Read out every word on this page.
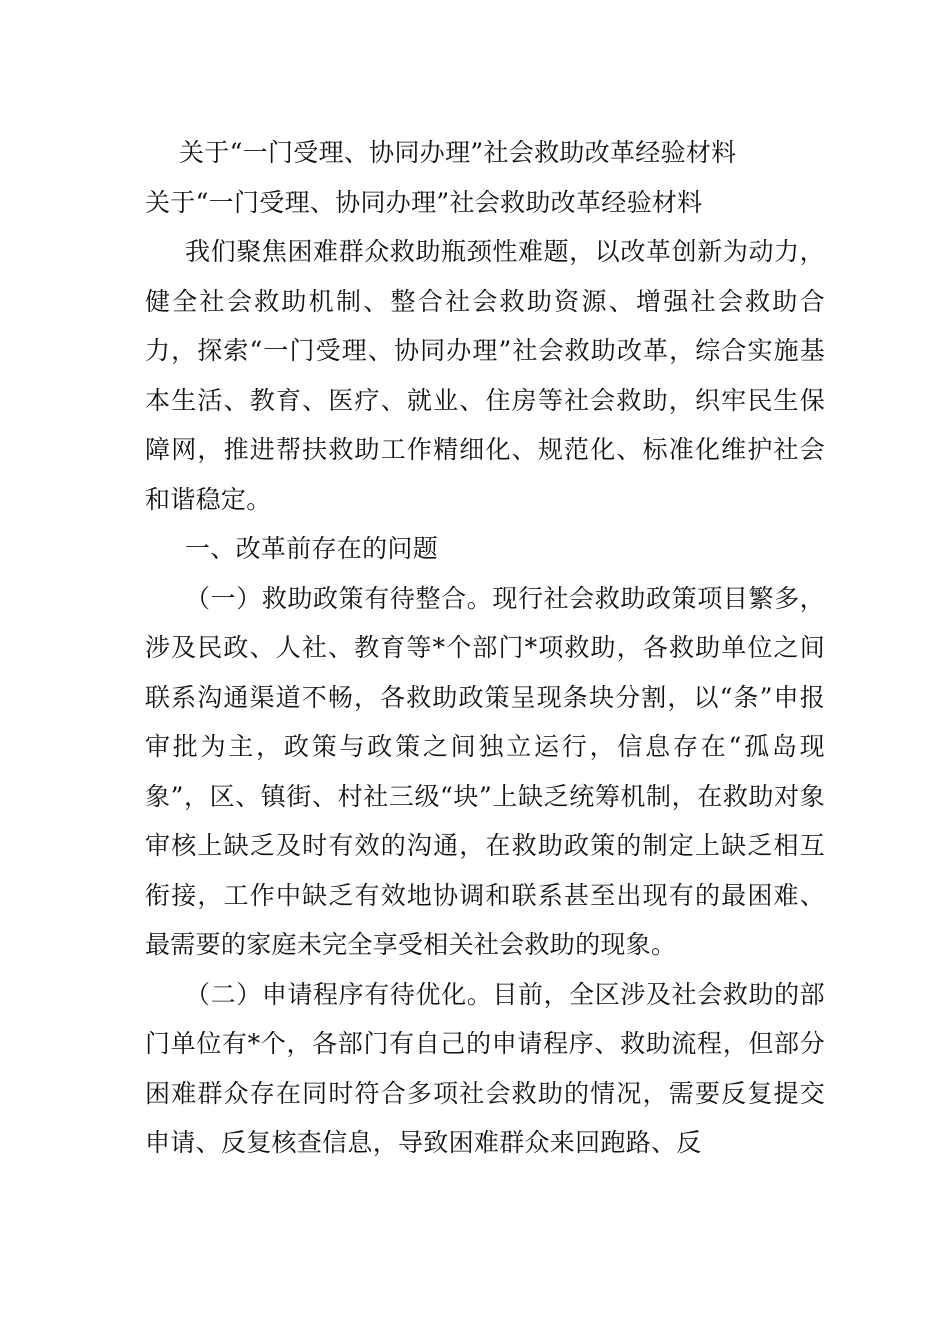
关于“一门受理、协同办理”社会救助改革经验材料
关于“一门受理、协同办理”社会救助改革经验材料

我们聚焦困难群众救助瓶颈性难题，以改革创新为动力，健全社会救助机制、整合社会救助资源、增强社会救助合力，探索“一门受理、协同办理”社会救助改革，综合实施基本生活、教育、医疗、就业、住房等社会救助，织牢民生保障网，推进帮扶救助工作精细化、规范化、标准化维护社会和谐稳定。

一、改革前存在的问题

（一）救助政策有待整合。现行社会救助政策项目繁多，涉及民政、人社、教育等*个部门*项救助，各救助单位之间联系沟通渠道不畅，各救助政策呈现条块分割，以“条”申报审批为主，政策与政策之间独立运行，信息存在“孤岛现象”，区、镇街、村社三级“块”上缺乏统筹机制，在救助对象审核上缺乏及时有效的沟通，在救助政策的制定上缺乏相互衔接，工作中缺乏有效地协调和联系甚至出现有的最困难、最需要的家庭未完全享受相关社会救助的现象。

（二）申请程序有待优化。目前，全区涉及社会救助的部门单位有*个，各部门有自己的申请程序、救助流程，但部分困难群众存在同时符合多项社会救助的情况，需要反复提交申请、反复核查信息，导致困难群众来回跑路、反
